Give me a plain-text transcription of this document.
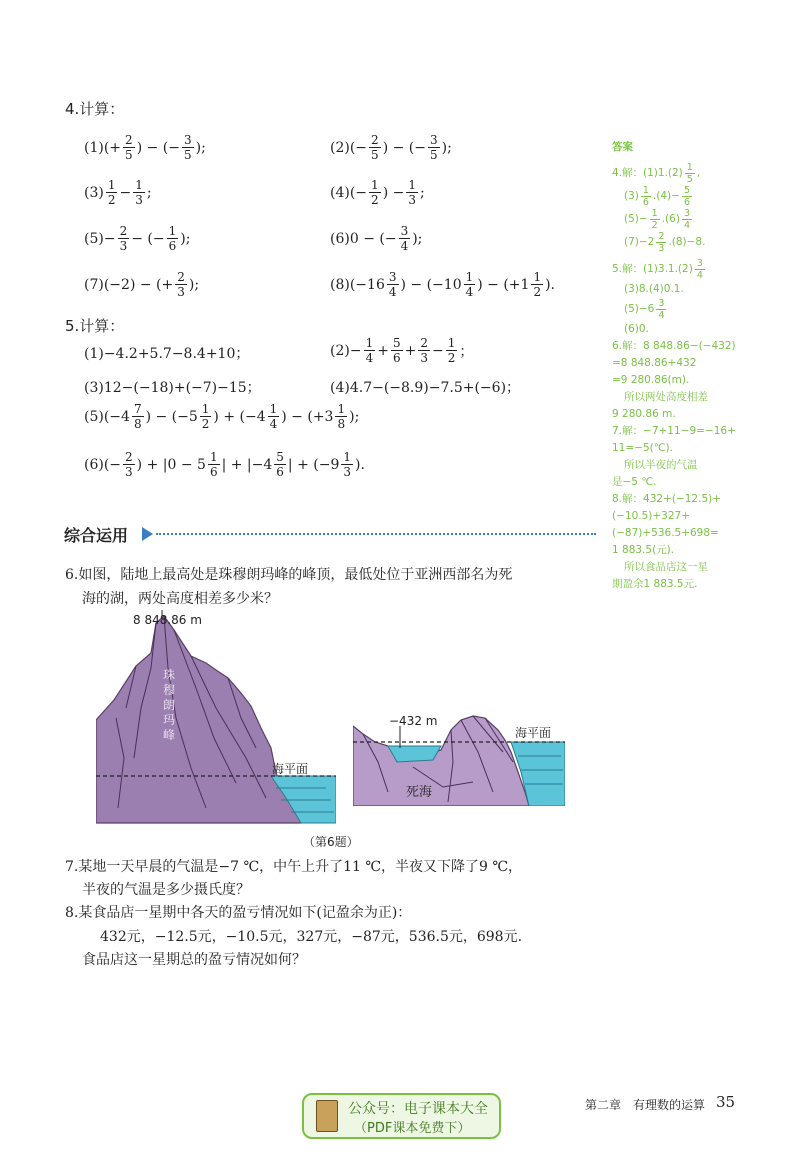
4.计算：
(1) (+ $\frac{2}{5}$ ) − (− $\frac{3}{5}$ );	(2) (− $\frac{2}{5}$ ) − (− $\frac{3}{5}$ );
$(3) \frac{1}{2} - \frac{1}{3}$ ;	(4) (− $\frac{1}{2}$ ) − $\frac{1}{3}$ ;
$(5) - \frac{2}{3}$ − (− $\frac{1}{6}$ );	(6) 0 − (− $\frac{3}{4}$ );
(7) (−2) − (+ $\frac{2}{3}$ );	(8) ($-16 \frac{3}{4}$ ) − ($-10 \frac{1}{4}$ ) − ($+1 \frac{1}{2}$ ).
5.计算：
(1)−4.2+5.7−8.4+10；	$(2)- \frac{1}{4} + \frac{5}{6} + \frac{2}{3} - \frac{1}{2}$ ；
(3)12−(−18)+(−7)−15；	(4)4.7−(−8.9)−7.5+(−6)；
$(5)(-4 \frac{7}{8}$ ) − ($-5 \frac{1}{2}$ ) + ($-4 \frac{1}{4}$ ) − ($+3 \frac{1}{8}$ );
$(6)(- \frac{2}{3}$ ) + $|0 - 5 \frac{1}{6}$ | + $|-4 \frac{5}{6}$ | + ($-9 \frac{1}{3}$ ).
综合运用
6.如图，陆地上最高处是珠穆朗玛峰的峰顶，最低处位于亚洲西部名为死
海的湖，两处高度相差多少米？
8 848.86 m
珠穆朗玛峰
海平面
−432 m
海平面
死海
（第6题）
7.某地一天早晨的气温是−7 ℃，中午上升了11 ℃，半夜又下降了9 ℃，
半夜的气温是多少摄氏度？
8.某食品店一星期中各天的盈亏情况如下(记盈余为正)：
432元，−12.5元，−10.5元，327元，−87元，536.5元，698元.
食品店这一星期总的盈亏情况如何？
答案
4.解：$(1)1.(2) \frac{1}{5}$ ,
$(3) \frac{1}{6} .(4)- \frac{5}{6}$
$(5)- \frac{1}{2} .(6) \frac{3}{4}$
$(7)-2 \frac{2}{3} .(8)-8$.
5.解：$(1)3.1.(2) \frac{3}{4}$
(3)8.(4)0.1.
$(5)-6 \frac{3}{4}$
(6)0.
6.解：8 848.86−(−432)
=8 848.86+432
=9 280.86(m).
所以两处高度相差
9 280.86 m.
7.解：−7+11−9=−16+
11=−5(℃).
所以半夜的气温
是−5 ℃.
8.解：432+(−12.5)+
(−10.5)+327+
(−87)+536.5+698=
1 883.5(元).
所以食品店这一星
期盈余1 883.5元.
公众号：电子课本大全
（PDF课本免费下）
第二章　有理数的运算 35
